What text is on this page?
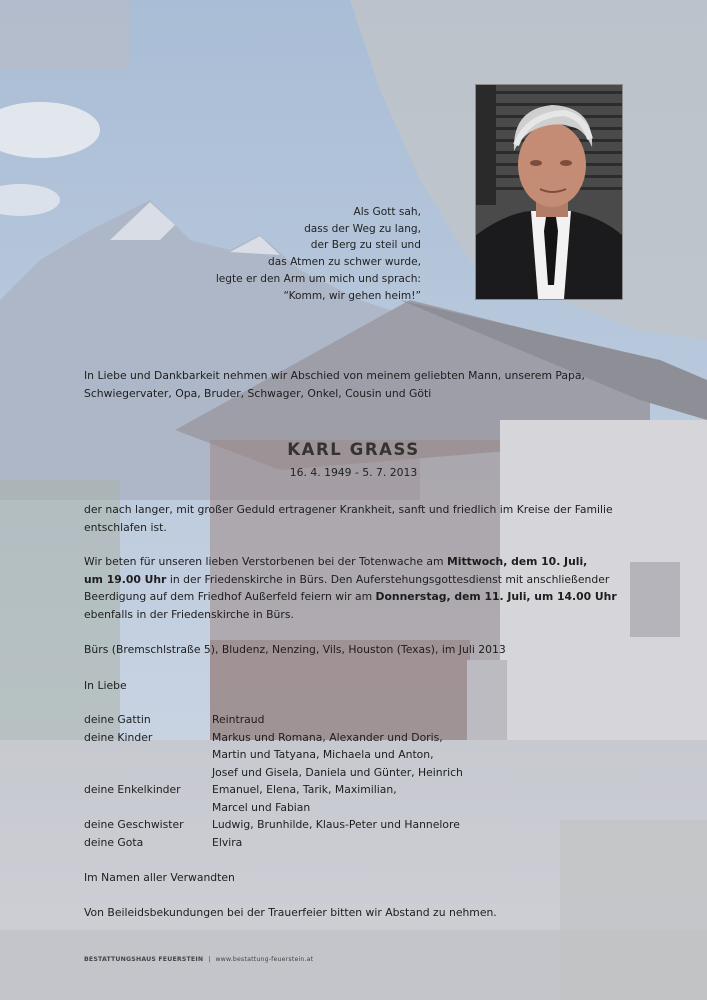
Als Gott sah,
dass der Weg zu lang,
der Berg zu steil und
das Atmen zu schwer wurde,
legte er den Arm um mich und sprach:
“Komm, wir gehen heim!”
In Liebe und Dankbarkeit nehmen wir Abschied von meinem geliebten Mann, unserem Papa,
Schwiegervater, Opa, Bruder, Schwager, Onkel, Cousin und Göti
KARL GRASS
16. 4. 1949 - 5. 7. 2013
der nach langer, mit großer Geduld ertragener Krankheit, sanft und friedlich im Kreise der Familie
entschlafen ist.
Wir beten für unseren lieben Verstorbenen bei der Totenwache am Mittwoch, dem 10. Juli,
um 19.00 Uhr in der Friedenskirche in Bürs. Den Auferstehungsgottesdienst mit anschließender
Beerdigung auf dem Friedhof Außerfeld feiern wir am Donnerstag, dem 11. Juli, um 14.00 Uhr
ebenfalls in der Friedenskirche in Bürs.
Bürs (Bremschlstraße 5), Bludenz, Nenzing, Vils, Houston (Texas), im Juli 2013
In Liebe
deine Gattin	Reintraud
deine Kinder	Markus und Romana, Alexander und Doris,
Martin und Tatyana, Michaela und Anton,
Josef und Gisela, Daniela und Günter, Heinrich
deine Enkelkinder	Emanuel, Elena, Tarik, Maximilian,
Marcel und Fabian
deine Geschwister	Ludwig, Brunhilde, Klaus-Peter und Hannelore
deine Gota	Elvira
Im Namen aller Verwandten
Von Beileidsbekundungen bei der Trauerfeier bitten wir Abstand zu nehmen.
BESTATTUNGSHAUS FEUERSTEIN | www.bestattung-feuerstein.at
